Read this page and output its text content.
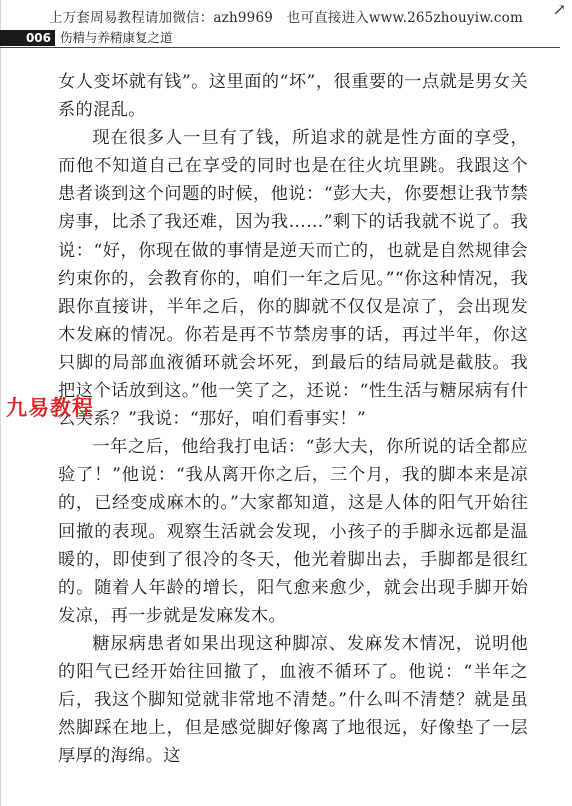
上万套周易教程请加微信：azh9969　也可直接进入www.265zhouyiw.com	↗
006 伤精与养精康复之道

女人变坏就有钱”。这里面的“坏”，很重要的一点就是男女关系的混乱。

现在很多人一旦有了钱，所追求的就是性方面的享受，而他不知道自己在享受的同时也是在往火坑里跳。我跟这个患者谈到这个问题的时候，他说：“彭大夫，你要想让我节禁房事，比杀了我还难，因为我……”剩下的话我就不说了。我说：“好，你现在做的事情是逆天而亡的，也就是自然规律会约束你的，会教育你的，咱们一年之后见。”“你这种情况，我跟你直接讲，半年之后，你的脚就不仅仅是凉了，会出现发木发麻的情况。你若是再不节禁房事的话，再过半年，你这只脚的局部血液循环就会坏死，到最后的结局就是截肢。我把这个话放到这。”他一笑了之，还说：“性生活与糖尿病有什么关系？”我说：“那好，咱们看事实！”

一年之后，他给我打电话：“彭大夫，你所说的话全都应验了！”他说：“我从离开你之后，三个月，我的脚本来是凉的，已经变成麻木的。”大家都知道，这是人体的阳气开始往回撤的表现。观察生活就会发现，小孩子的手脚永远都是温暖的，即使到了很冷的冬天，他光着脚出去，手脚都是很红的。随着人年龄的增长，阳气愈来愈少，就会出现手脚开始发凉，再一步就是发麻发木。

糖尿病患者如果出现这种脚凉、发麻发木情况，说明他的阳气已经开始往回撤了，血液不循环了。他说：“半年之后，我这个脚知觉就非常地不清楚。”什么叫不清楚？就是虽然脚踩在地上，但是感觉脚好像离了地很远，好像垫了一层厚厚的海绵。这

九易教程
